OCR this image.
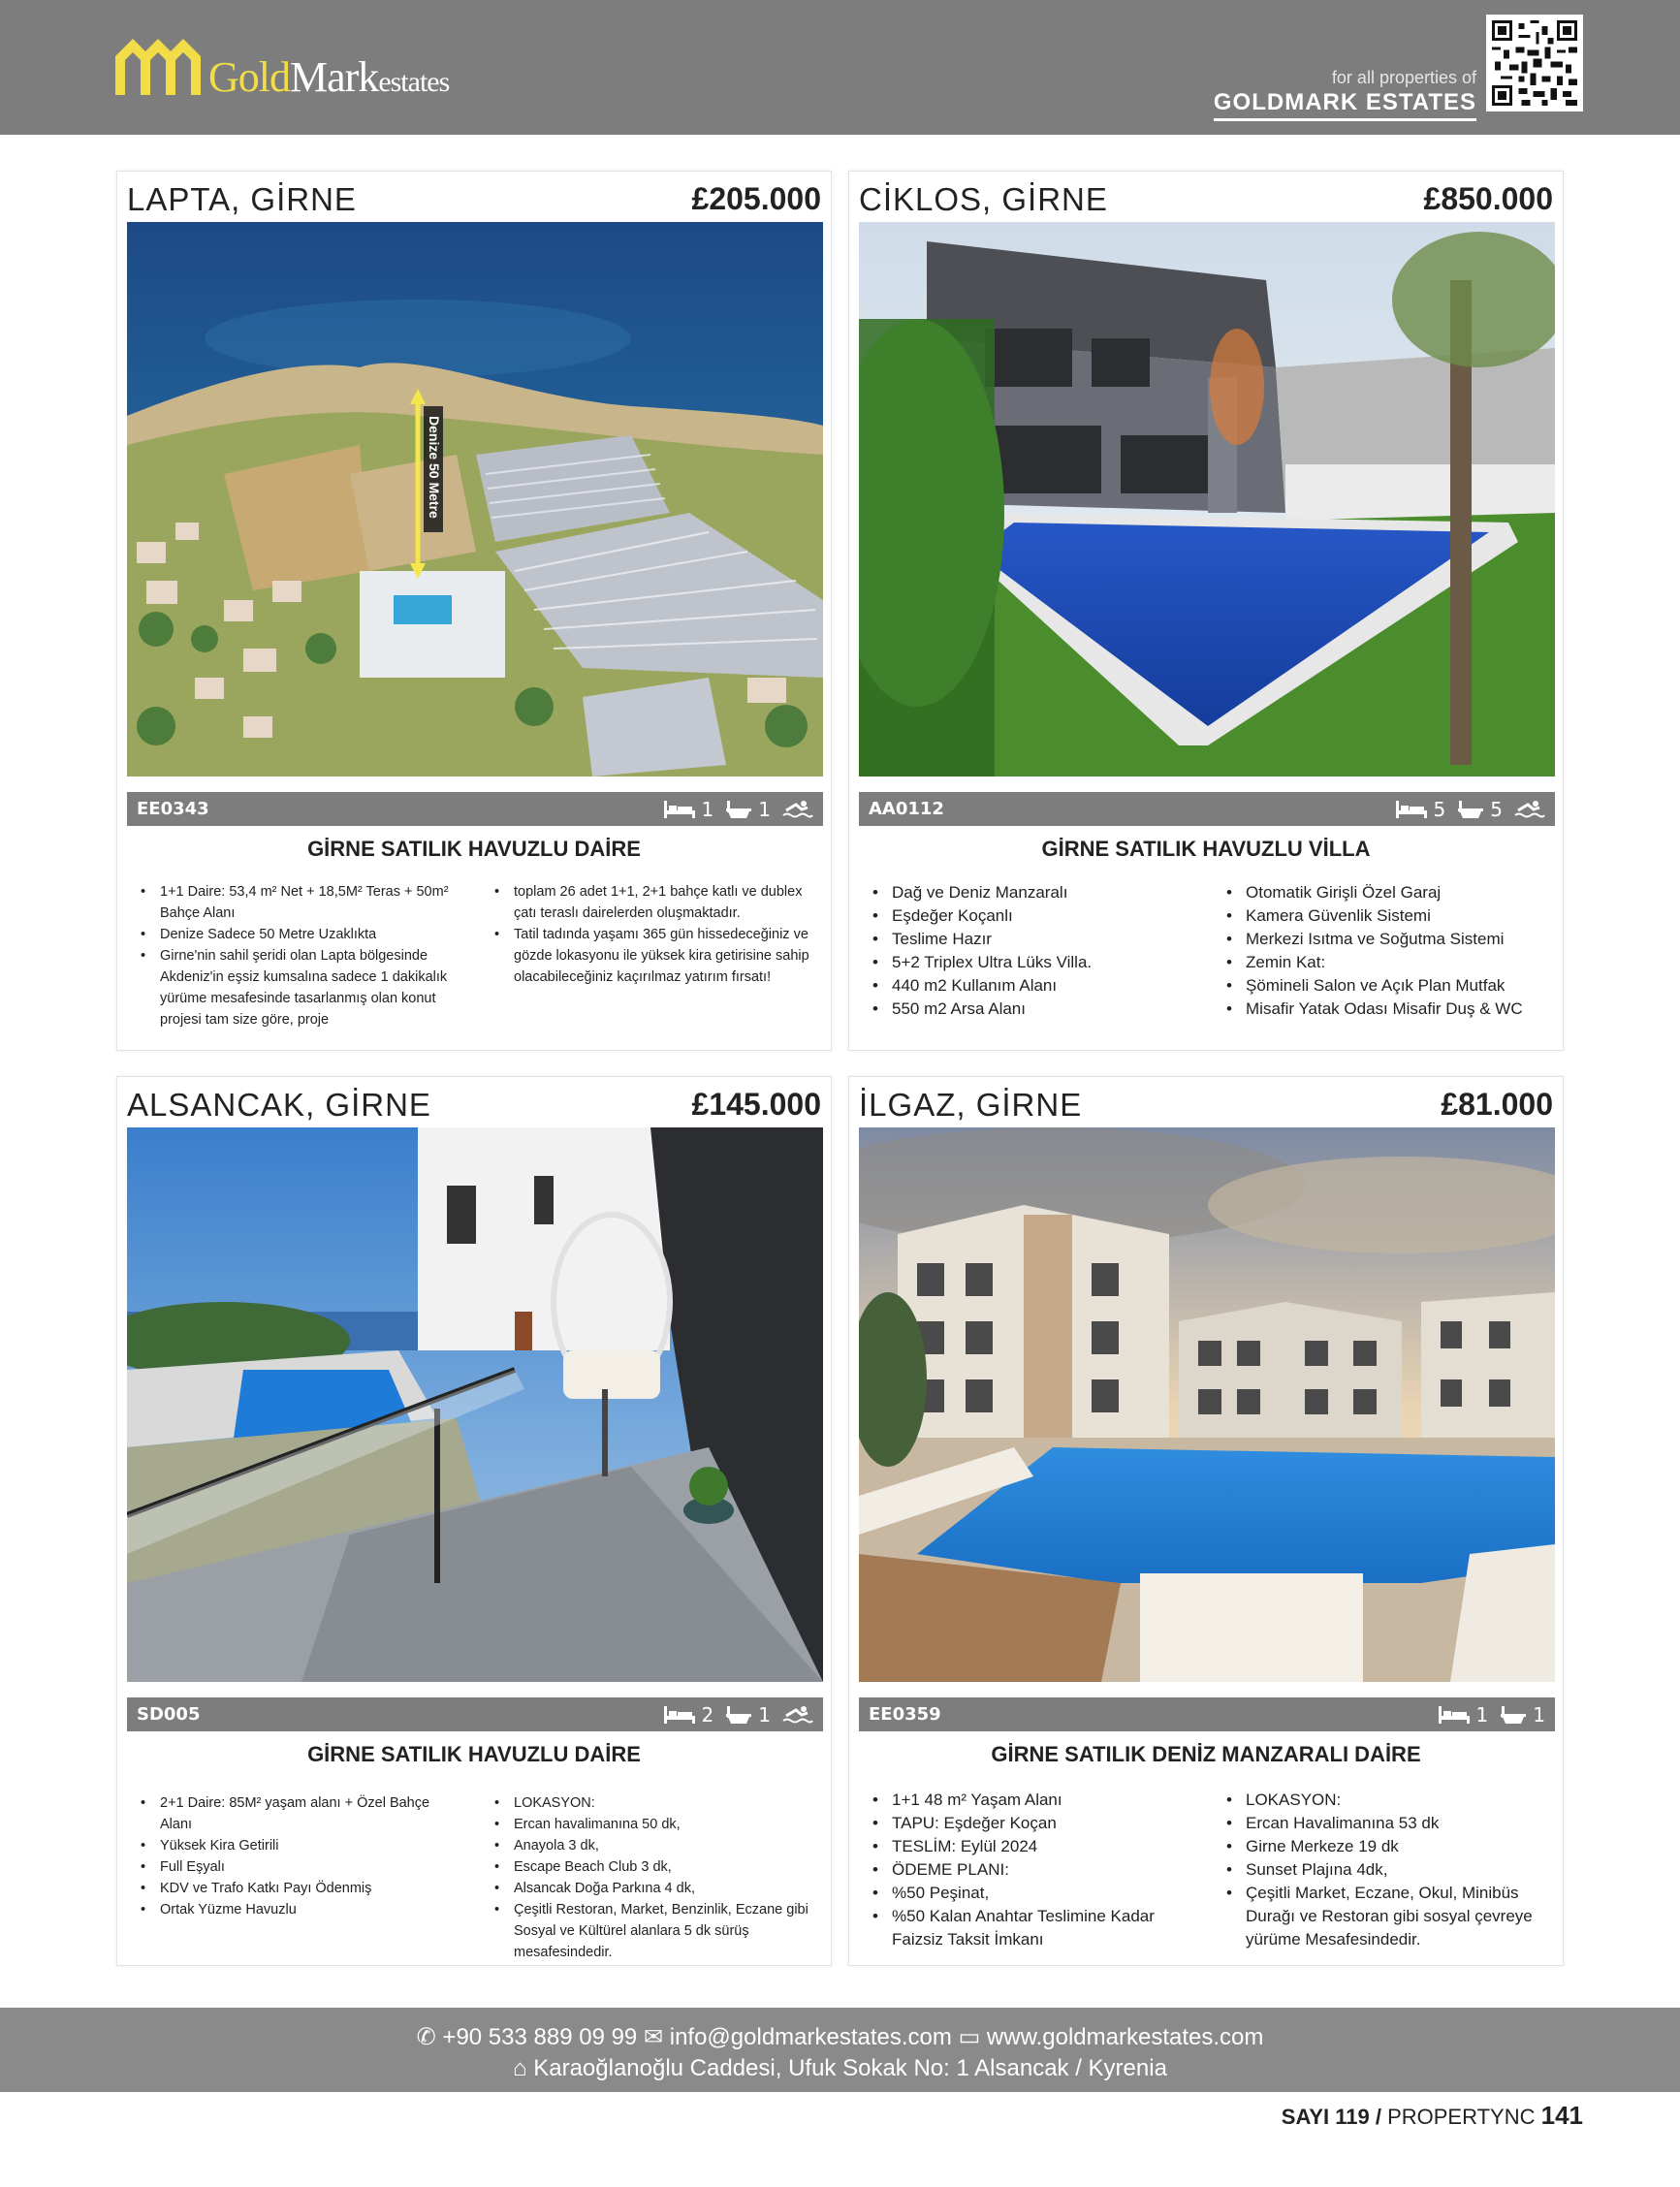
GoldMarkestates	for all properties of
GOLDMARK ESTATES
LAPTA, GİRNE	£205.000
Denize 50 Metre
EE0343	1 1
GİRNE SATILIK HAVUZLU DAİRE
• 1+1 Daire: 53,4 m² Net + 18,5M² Teras + 50m² Bahçe Alanı
• Denize Sadece 50 Metre Uzaklıkta
• Girne'nin sahil şeridi olan Lapta bölgesinde Akdeniz'in eşsiz kumsalına sadece 1 dakikalık yürüme mesafesinde tasarlanmış olan konut projesi tam size göre, proje
• toplam 26 adet 1+1, 2+1 bahçe katlı ve dublex çatı teraslı dairelerden oluşmaktadır.
• Tatil tadında yaşamı 365 gün hissedeceğiniz ve gözde lokasyonu ile yüksek kira getirisine sahip olacabileceğiniz kaçırılmaz yatırım fırsatı!
CİKLOS, GİRNE	£850.000
AA0112	5 5
GİRNE SATILIK HAVUZLU VİLLA
• Dağ ve Deniz Manzaralı
• Eşdeğer Koçanlı
• Teslime Hazır
• 5+2 Triplex Ultra Lüks Villa.
• 440 m2 Kullanım Alanı
• 550 m2 Arsa Alanı
• Otomatik Girişli Özel Garaj
• Kamera Güvenlik Sistemi
• Merkezi Isıtma ve Soğutma Sistemi
• Zemin Kat:
• Şömineli Salon ve Açık Plan Mutfak
• Misafir Yatak Odası Misafir Duş & WC
ALSANCAK, GİRNE	£145.000
SD005	2 1
GİRNE SATILIK HAVUZLU DAİRE
• 2+1 Daire: 85M² yaşam alanı + Özel Bahçe Alanı
• Yüksek Kira Getirili
• Full Eşyalı
• KDV ve Trafo Katkı Payı Ödenmiş
• Ortak Yüzme Havuzlu
• LOKASYON:
• Ercan havalimanına 50 dk,
• Anayola 3 dk,
• Escape Beach Club 3 dk,
• Alsancak Doğa Parkına 4 dk,
• Çeşitli Restoran, Market, Benzinlik, Eczane gibi Sosyal ve Kültürel alanlara 5 dk sürüş mesafesindedir.
İLGAZ, GİRNE	£81.000
EE0359	1 1
GİRNE SATILIK DENİZ MANZARALI DAİRE
• 1+1 48 m² Yaşam Alanı
• TAPU: Eşdeğer Koçan
• TESLİM: Eylül 2024
• ÖDEME PLANI:
• %50 Peşinat,
• %50 Kalan Anahtar Teslimine Kadar Faizsiz Taksit İmkanı
• LOKASYON:
• Ercan Havalimanına 53 dk
• Girne Merkeze 19 dk
• Sunset Plajına 4dk,
• Çeşitli Market, Eczane, Okul, Minibüs Durağı ve Restoran gibi sosyal çevreye yürüme Mesafesindedir.
✆ +90 533 889 09 99 ✉ info@goldmarkestates.com ▭ www.goldmarkestates.com
⌂ Karaoğlanoğlu Caddesi, Ufuk Sokak No: 1 Alsancak / Kyrenia
SAYI 119 / PROPERTYNC 141
